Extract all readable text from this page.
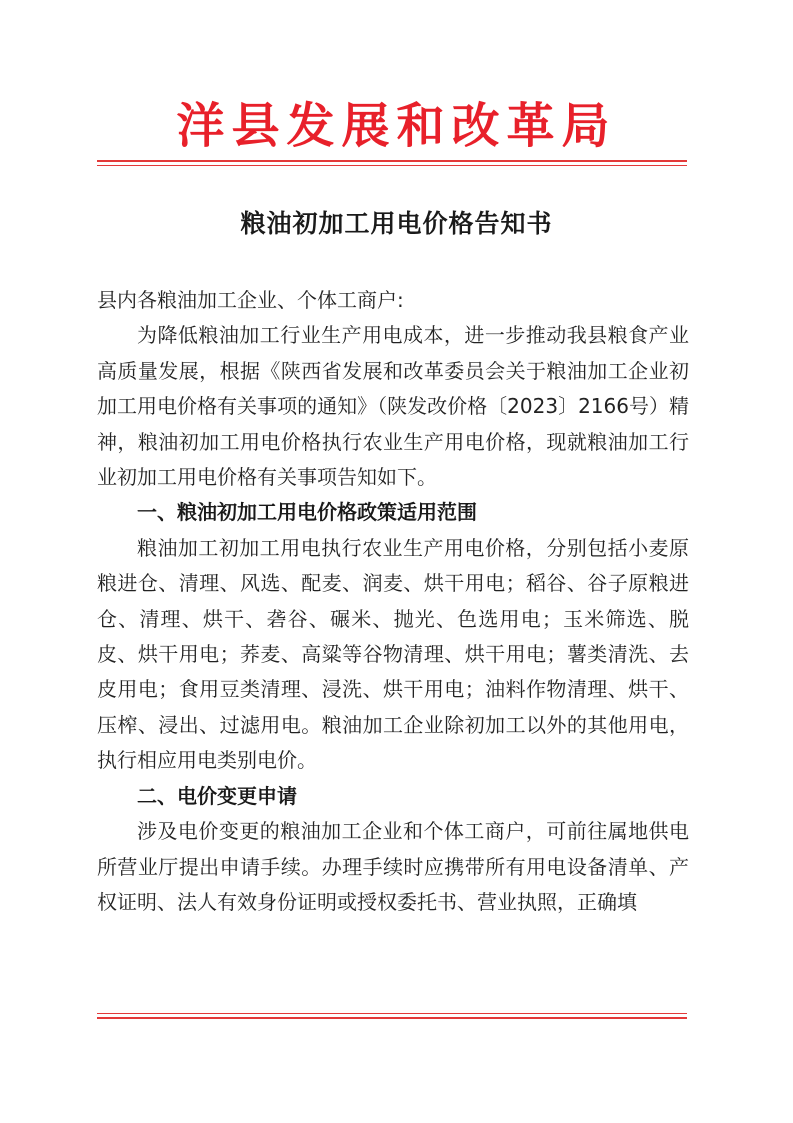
洋县发展和改革局
粮油初加工用电价格告知书

县内各粮油加工企业、个体工商户:

为降低粮油加工行业生产用电成本，进一步推动我县粮食产业高质量发展，根据《陕西省发展和改革委员会关于粮油加工企业初加工用电价格有关事项的通知》（陕发改价格〔2023〕2166号）精神，粮油初加工用电价格执行农业生产用电价格，现就粮油加工行业初加工用电价格有关事项告知如下。

一、粮油初加工用电价格政策适用范围

粮油加工初加工用电执行农业生产用电价格，分别包括小麦原粮进仓、清理、风选、配麦、润麦、烘干用电；稻谷、谷子原粮进仓、清理、烘干、砻谷、碾米、抛光、色选用电；玉米筛选、脱皮、烘干用电；荞麦、高粱等谷物清理、烘干用电；薯类清洗、去皮用电；食用豆类清理、浸洗、烘干用电；油料作物清理、烘干、压榨、浸出、过滤用电。粮油加工企业除初加工以外的其他用电，执行相应用电类别电价。

二、电价变更申请

涉及电价变更的粮油加工企业和个体工商户，可前往属地供电所营业厅提出申请手续。办理手续时应携带所有用电设备清单、产权证明、法人有效身份证明或授权委托书、营业执照，正确填
